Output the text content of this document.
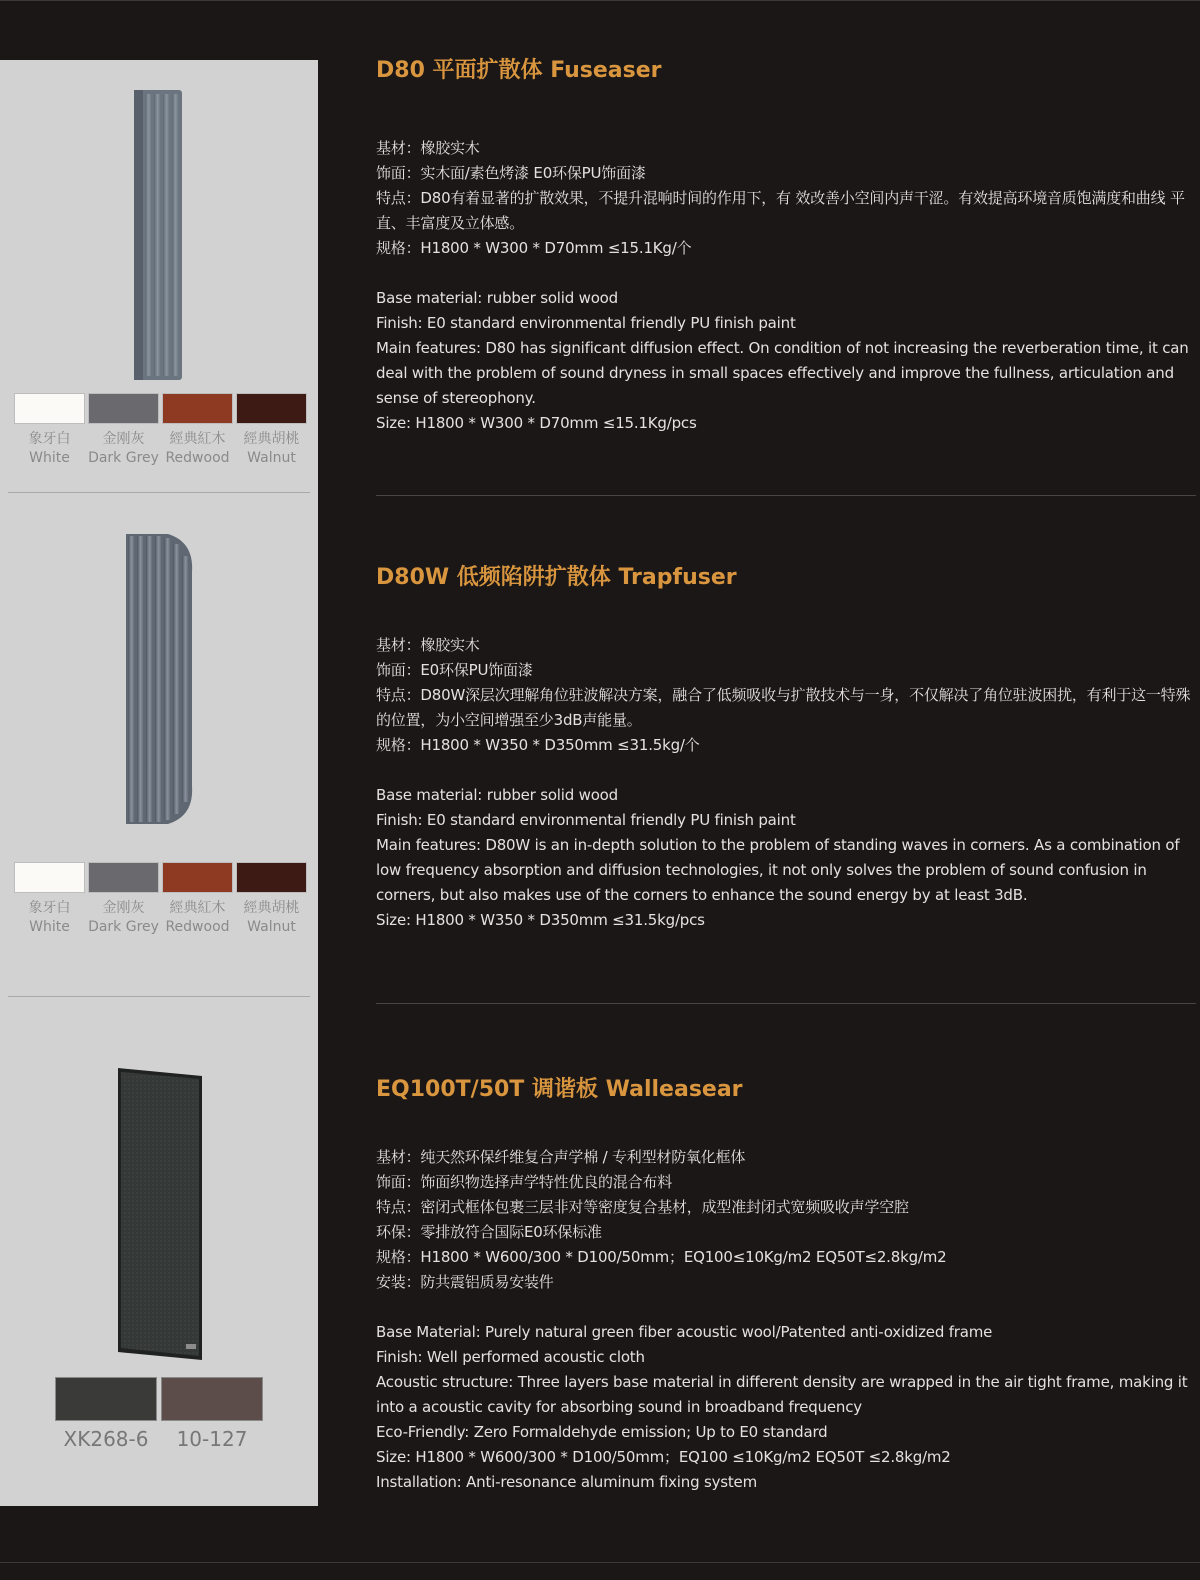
象牙白
White
金刚灰
Dark Grey
經典紅木
Redwood
經典胡桃
Walnut
象牙白
White
金刚灰
Dark Grey
經典紅木
Redwood
經典胡桃
Walnut
XK268-6 10-127
D80 平面扩散体 Fuseaser
基材：橡胶实木
饰面：实木面/素色烤漆 E0环保PU饰面漆
特点：D80有着显著的扩散效果，不提升混响时间的作用下，有 效改善小空间内声干涩。有效提高环境音质饱满度和曲线 平直、丰富度及立体感。
规格：H1800 * W300 * D70mm ≤15.1Kg/个
Base material: rubber solid wood
Finish: E0 standard environmental friendly PU finish paint
Main features: D80 has significant diffusion effect. On condition of not increasing the reverberation time, it can deal with the problem of sound dryness in small spaces effectively and improve the fullness, articulation and sense of stereophony.
Size: H1800 * W300 * D70mm ≤15.1Kg/pcs
D80W 低频陷阱扩散体 Trapfuser
基材：橡胶实木
饰面：E0环保PU饰面漆
特点：D80W深层次理解角位驻波解决方案，融合了低频吸收与扩散技术与一身，不仅解决了角位驻波困扰，有利于这一特殊的位置，为小空间增强至少3dB声能量。
规格：H1800 * W350 * D350mm ≤31.5kg/个
Base material: rubber solid wood
Finish: E0 standard environmental friendly PU finish paint
Main features: D80W is an in-depth solution to the problem of standing waves in corners. As a combination of low frequency absorption and diffusion technologies, it not only solves the problem of sound confusion in corners, but also makes use of the corners to enhance the sound energy by at least 3dB.
Size: H1800 * W350 * D350mm ≤31.5kg/pcs
EQ100T/50T 调谐板 Walleasear
基材：纯天然环保纤维复合声学棉 / 专利型材防氧化框体
饰面：饰面织物选择声学特性优良的混合布料
特点：密闭式框体包裹三层非对等密度复合基材，成型准封闭式宽频吸收声学空腔
环保：零排放符合国际E0环保标准
规格：H1800 * W600/300 * D100/50mm；EQ100≤10Kg/m2 EQ50T≤2.8kg/m2
安装：防共震铝质易安装件
Base Material: Purely natural green fiber acoustic wool/Patented anti-oxidized frame
Finish: Well performed acoustic cloth
Acoustic structure: Three layers base material in different density are wrapped in the air tight frame, making it into a acoustic cavity for absorbing sound in broadband frequency
Eco-Friendly: Zero Formaldehyde emission; Up to E0 standard
Size: H1800 * W600/300 * D100/50mm；EQ100 ≤10Kg/m2 EQ50T ≤2.8kg/m2
Installation: Anti-resonance aluminum fixing system
